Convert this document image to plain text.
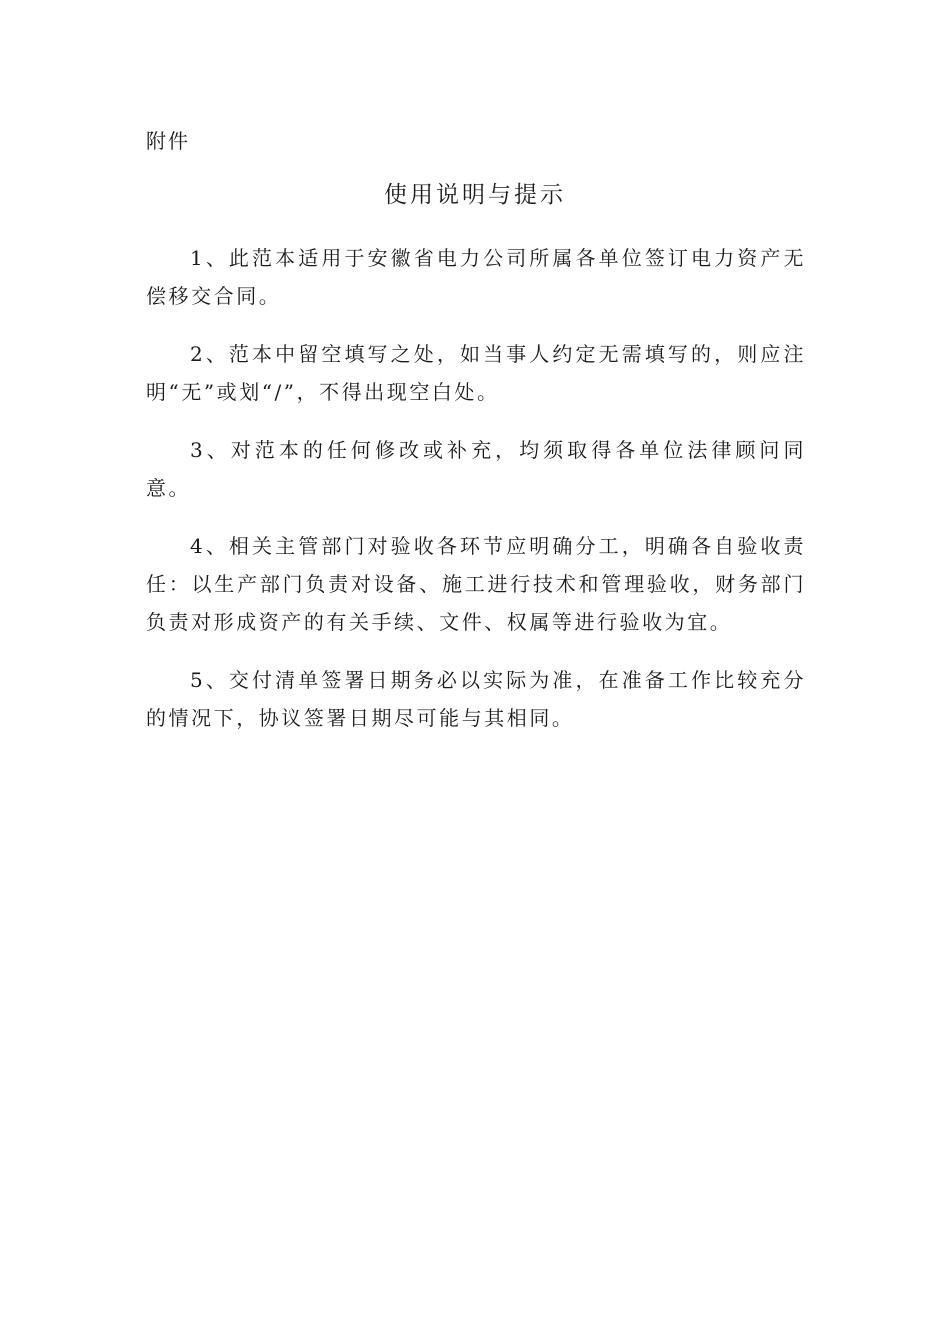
附件
使用说明与提示

1、此范本适用于安徽省电力公司所属各单位签订电力资产无偿移交合同。

2、范本中留空填写之处，如当事人约定无需填写的，则应注明“无”或划“/”，不得出现空白处。

3、对范本的任何修改或补充，均须取得各单位法律顾问同意。

4、相关主管部门对验收各环节应明确分工，明确各自验收责任：以生产部门负责对设备、施工进行技术和管理验收，财务部门负责对形成资产的有关手续、文件、权属等进行验收为宜。

5、交付清单签署日期务必以实际为准，在准备工作比较充分的情况下，协议签署日期尽可能与其相同。
